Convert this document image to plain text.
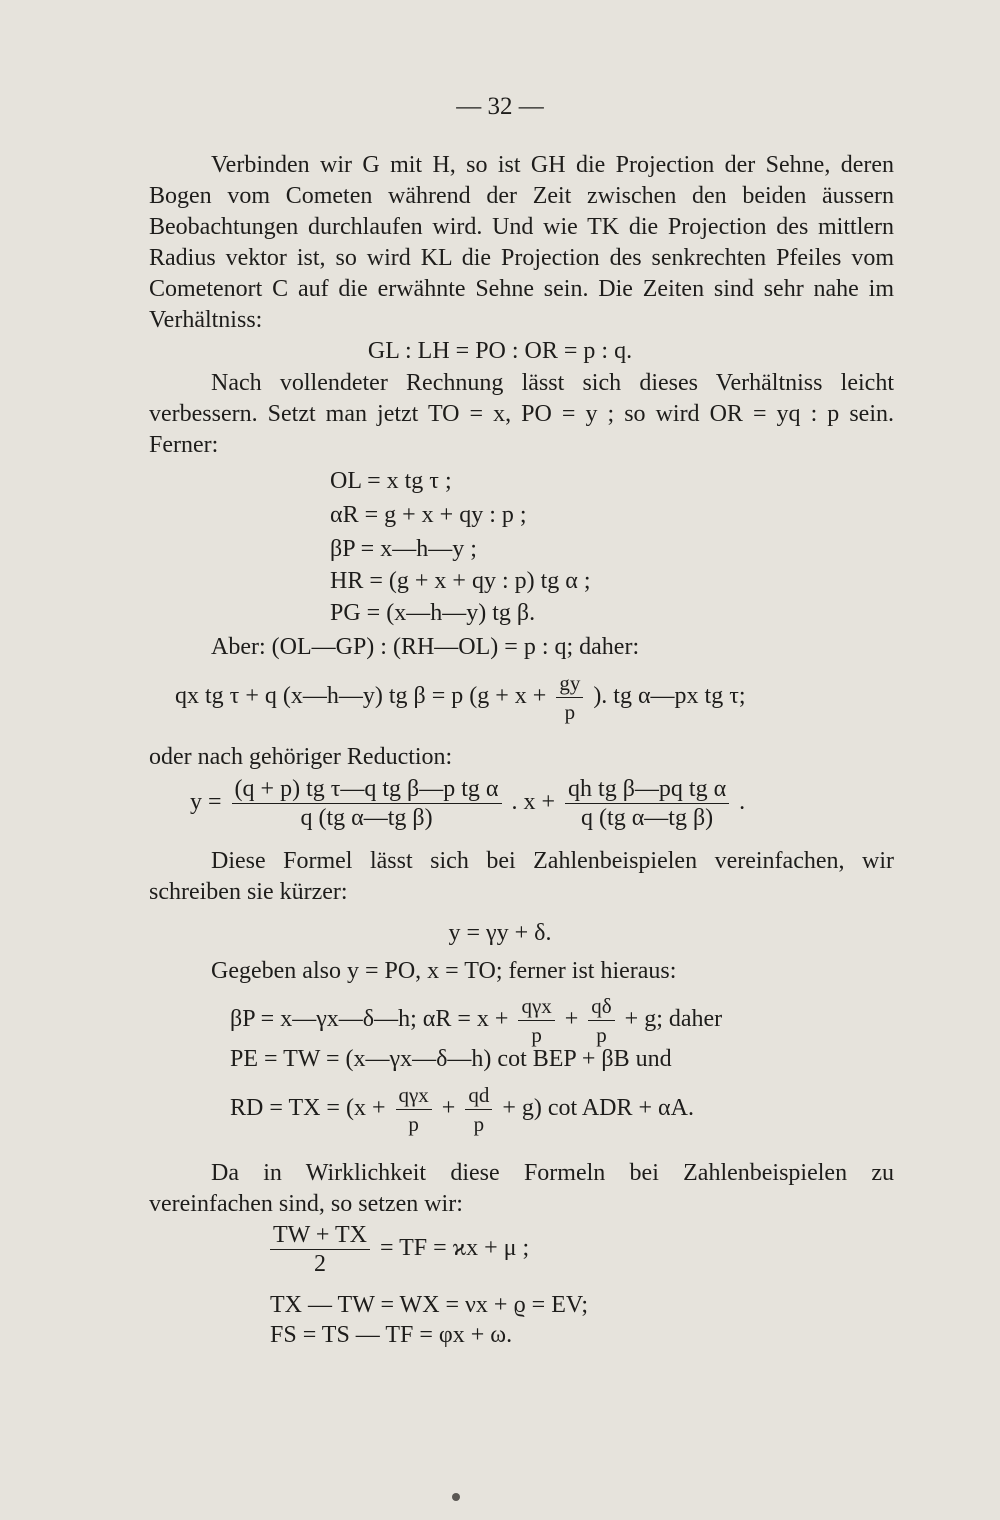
— 32 —
Verbinden wir G mit H, so ist GH die Projection der Sehne, deren Bogen vom Cometen während der Zeit zwischen den beiden äussern Beobachtungen durchlaufen wird. Und wie TK die Projection des mittlern Radius vektor ist, so wird KL die Projection des senkrechten Pfeiles vom Cometenort C auf die erwähnte Sehne sein. Die Zeiten sind sehr nahe im Verhältniss:
GL : LH = PO : OR = p : q.
Nach vollendeter Rechnung lässt sich dieses Verhältniss leicht verbessern. Setzt man jetzt TO = x, PO = y ; so wird OR = yq : p sein. Ferner:
OL = x tg τ ;
αR = g + x + qy : p ;
βP = x—h—y ;
HR = (g + x + qy : p) tg α ;
PG = (x—h—y) tg β.
Aber: (OL—GP) : (RH—OL) = p : q; daher:
qx tg τ + q (x—h—y) tg β = p ($g + x + \frac{gy}{p}$ ). tg α—px tg τ;
oder nach gehöriger Reduction:
$y = \frac{\text{(q + p) tg τ—q tg β—p tg α}}{\text{q (tg α—tg β)}}$ . $x + \frac{\text{qh tg β—pq tg α}}{\text{q (tg α—tg β)}}$ .
Diese Formel lässt sich bei Zahlenbeispielen vereinfachen, wir schreiben sie kürzer:
y = γy + δ.
Gegeben also y = PO, x = TO; ferner ist hieraus:
βP = x—γx—δ—h; $\alpha R = x + \frac{\text{qγx}}{p} + \frac{q\delta}{p} + g$; daher
PE = TW = (x—γx—δ—h) cot BEP + βB und
RD = TX = $(x + \frac{\text{qγx}}{p} + \frac{qd}{p} + g)$ cot ADR + αA.
Da in Wirklichkeit diese Formeln bei Zahlenbeispielen zu vereinfachen sind, so setzen wir:
$\frac{TW + TX}{2}$ = TF = ϰx + μ ;
TX — TW = WX = νx + ϱ = EV;
FS = TS — TF = φx + ω.
